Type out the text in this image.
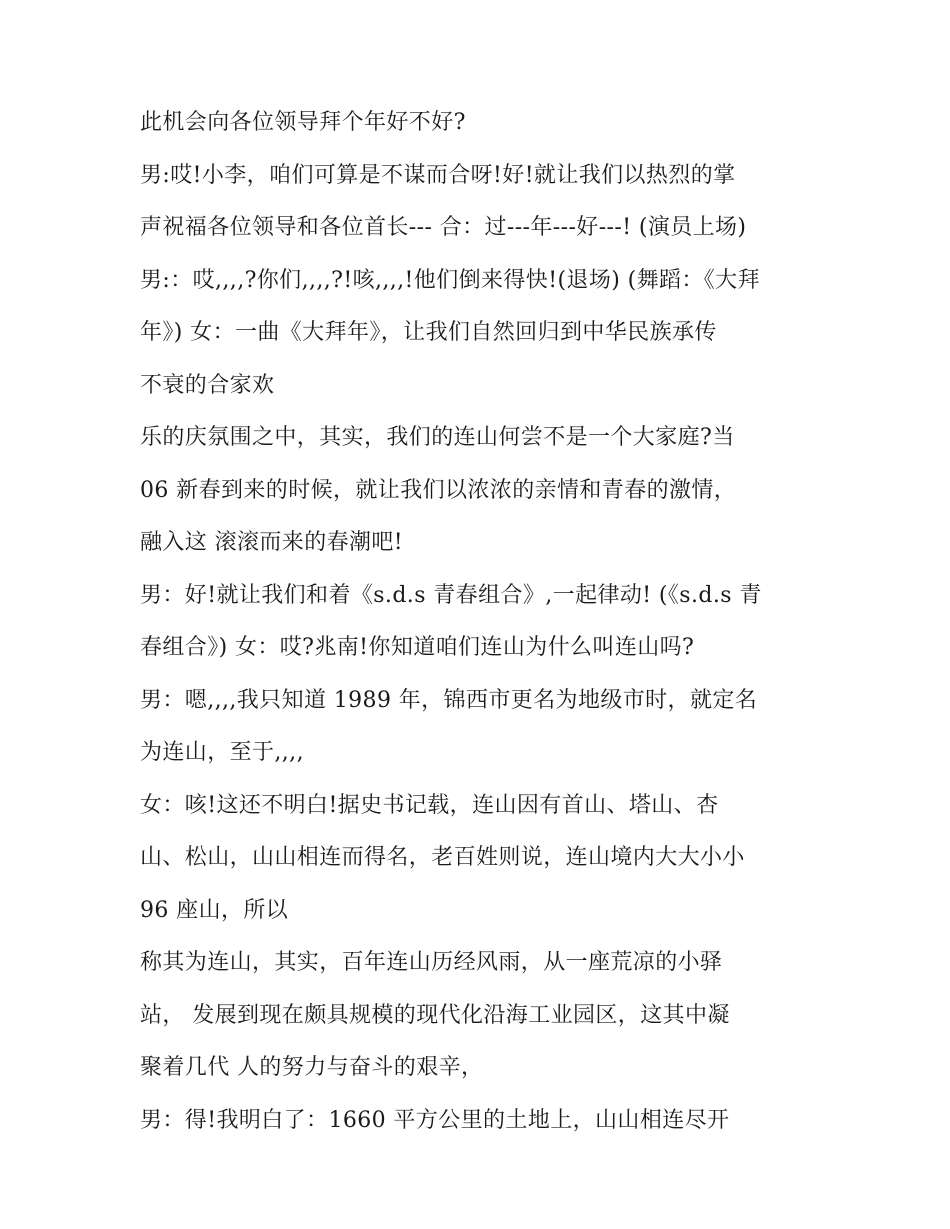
此机会向各位领导拜个年好不好?
男:哎!小李，咱们可算是不谋而合呀!好!就让我们以热烈的掌
声祝福各位领导和各位首长--- 合：过---年---好---! (演员上场)
男:：哎,,,,?你们,,,,?!咳,,,,!他们倒来得快!(退场) (舞蹈：《大拜
年》) 女：一曲《大拜年》，让我们自然回归到中华民族承传
不衰的合家欢
乐的庆氛围之中，其实，我们的连山何尝不是一个大家庭?当
06 新春到来的时候，就让我们以浓浓的亲情和青春的激情，
融入这 滚滚而来的春潮吧!
男：好!就让我们和着《s.d.s 青春组合》,一起律动! (《s.d.s 青
春组合》) 女：哎?兆南!你知道咱们连山为什么叫连山吗?
男：嗯,,,,我只知道 1989 年，锦西市更名为地级市时，就定名
为连山，至于,,,,
女：咳!这还不明白!据史书记载，连山因有首山、塔山、杏
山、松山，山山相连而得名，老百姓则说，连山境内大大小小
96 座山，所以
称其为连山，其实，百年连山历经风雨，从一座荒凉的小驿
站， 发展到现在颇具规模的现代化沿海工业园区，这其中凝
聚着几代 人的努力与奋斗的艰辛，
男：得!我明白了：1660 平方公里的土地上，山山相连尽开
